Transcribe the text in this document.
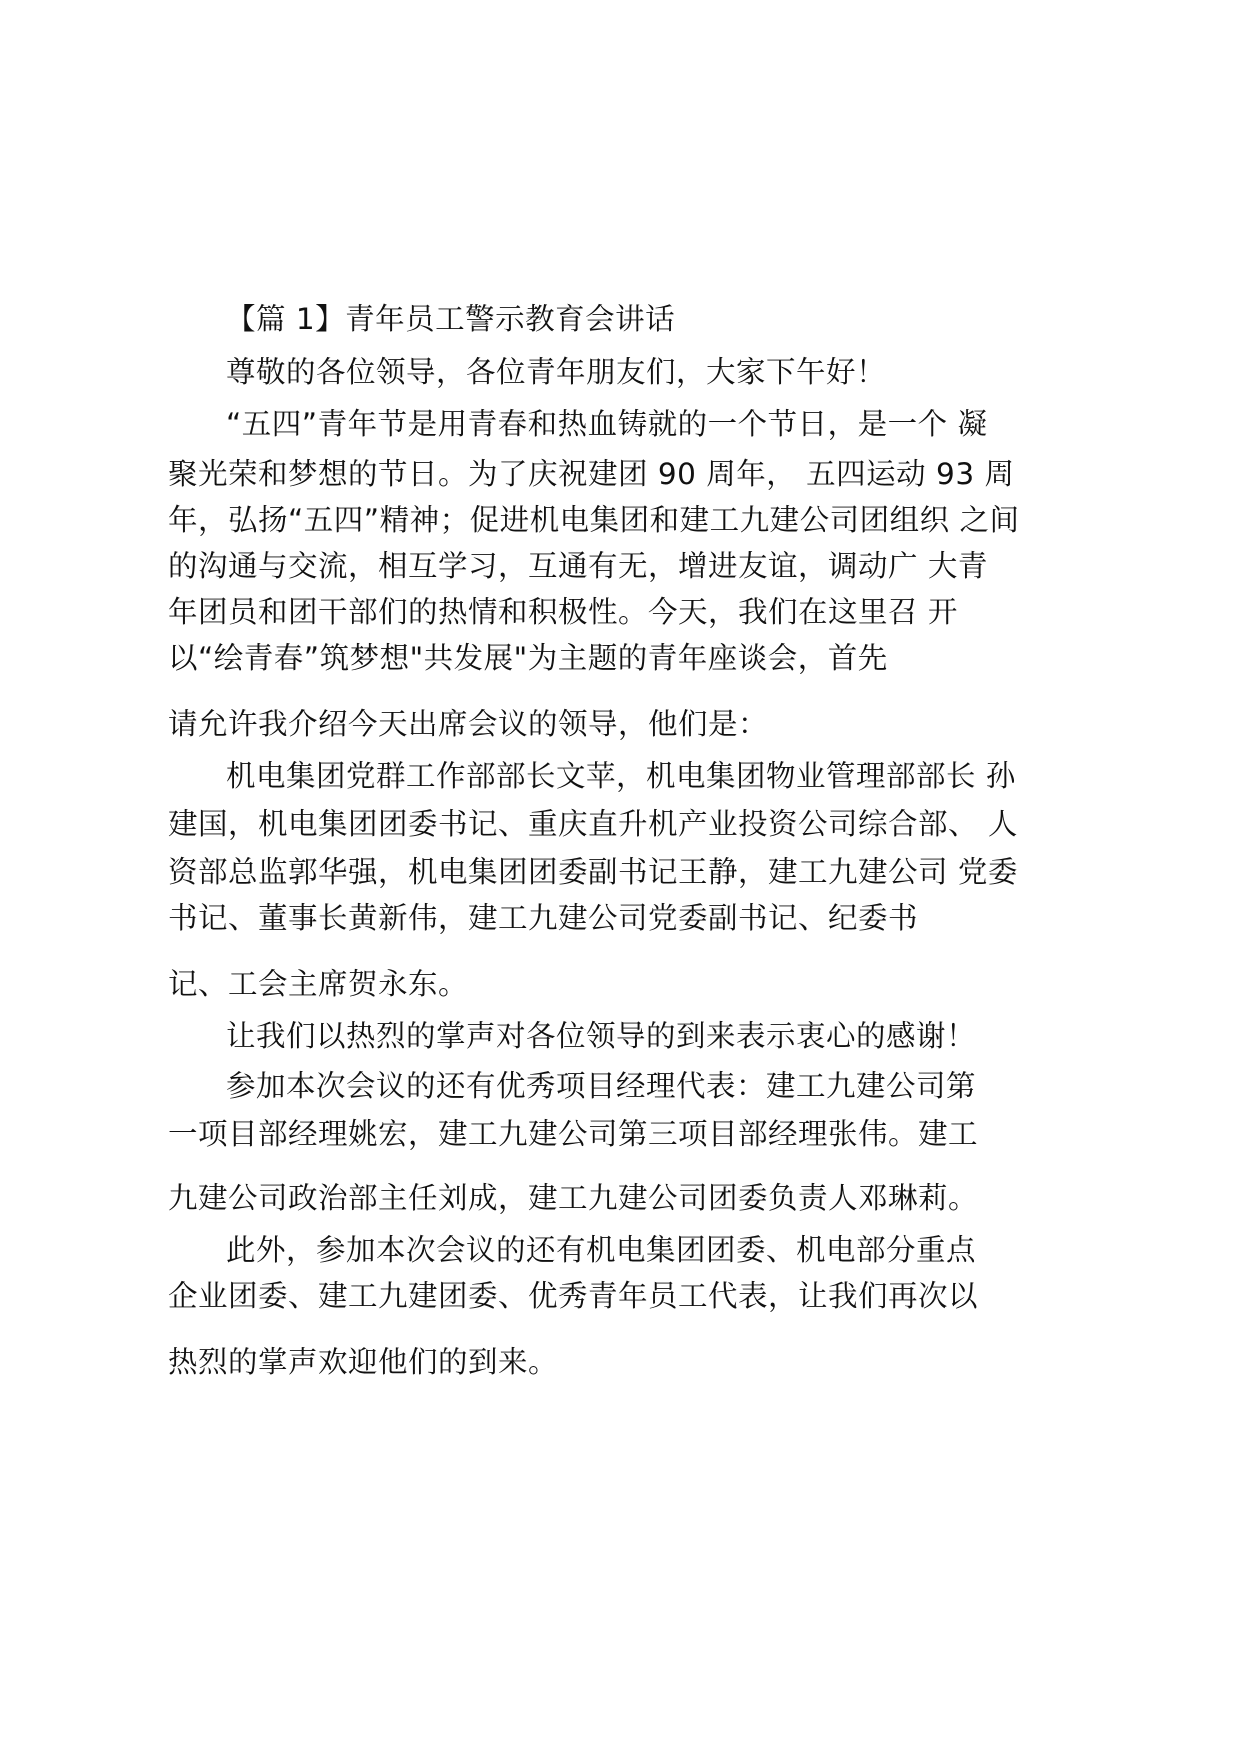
【篇 1】青年员工警示教育会讲话
尊敬的各位领导，各位青年朋友们，大家下午好！
“五四”青年节是用青春和热血铸就的一个节日，是一个 凝
聚光荣和梦想的节日。为了庆祝建团 90 周年， 五四运动 93 周
年，弘扬“五四”精神；促进机电集团和建工九建公司团组织 之间
的沟通与交流，相互学习，互通有无，增进友谊，调动广 大青
年团员和团干部们的热情和积极性。今天，我们在这里召 开
以“绘青春”筑梦想"共发展"为主题的青年座谈会，首先
请允许我介绍今天出席会议的领导，他们是：
机电集团党群工作部部长文苹，机电集团物业管理部部长 孙
建国，机电集团团委书记、重庆直升机产业投资公司综合部、 人
资部总监郭华强，机电集团团委副书记王静，建工九建公司 党委
书记、董事长黄新伟，建工九建公司党委副书记、纪委书
记、工会主席贺永东。
让我们以热烈的掌声对各位领导的到来表示衷心的感谢！
参加本次会议的还有优秀项目经理代表：建工九建公司第
一项目部经理姚宏，建工九建公司第三项目部经理张伟。建工
九建公司政治部主任刘成，建工九建公司团委负责人邓琳莉。
此外，参加本次会议的还有机电集团团委、机电部分重点
企业团委、建工九建团委、优秀青年员工代表，让我们再次以
热烈的掌声欢迎他们的到来。
